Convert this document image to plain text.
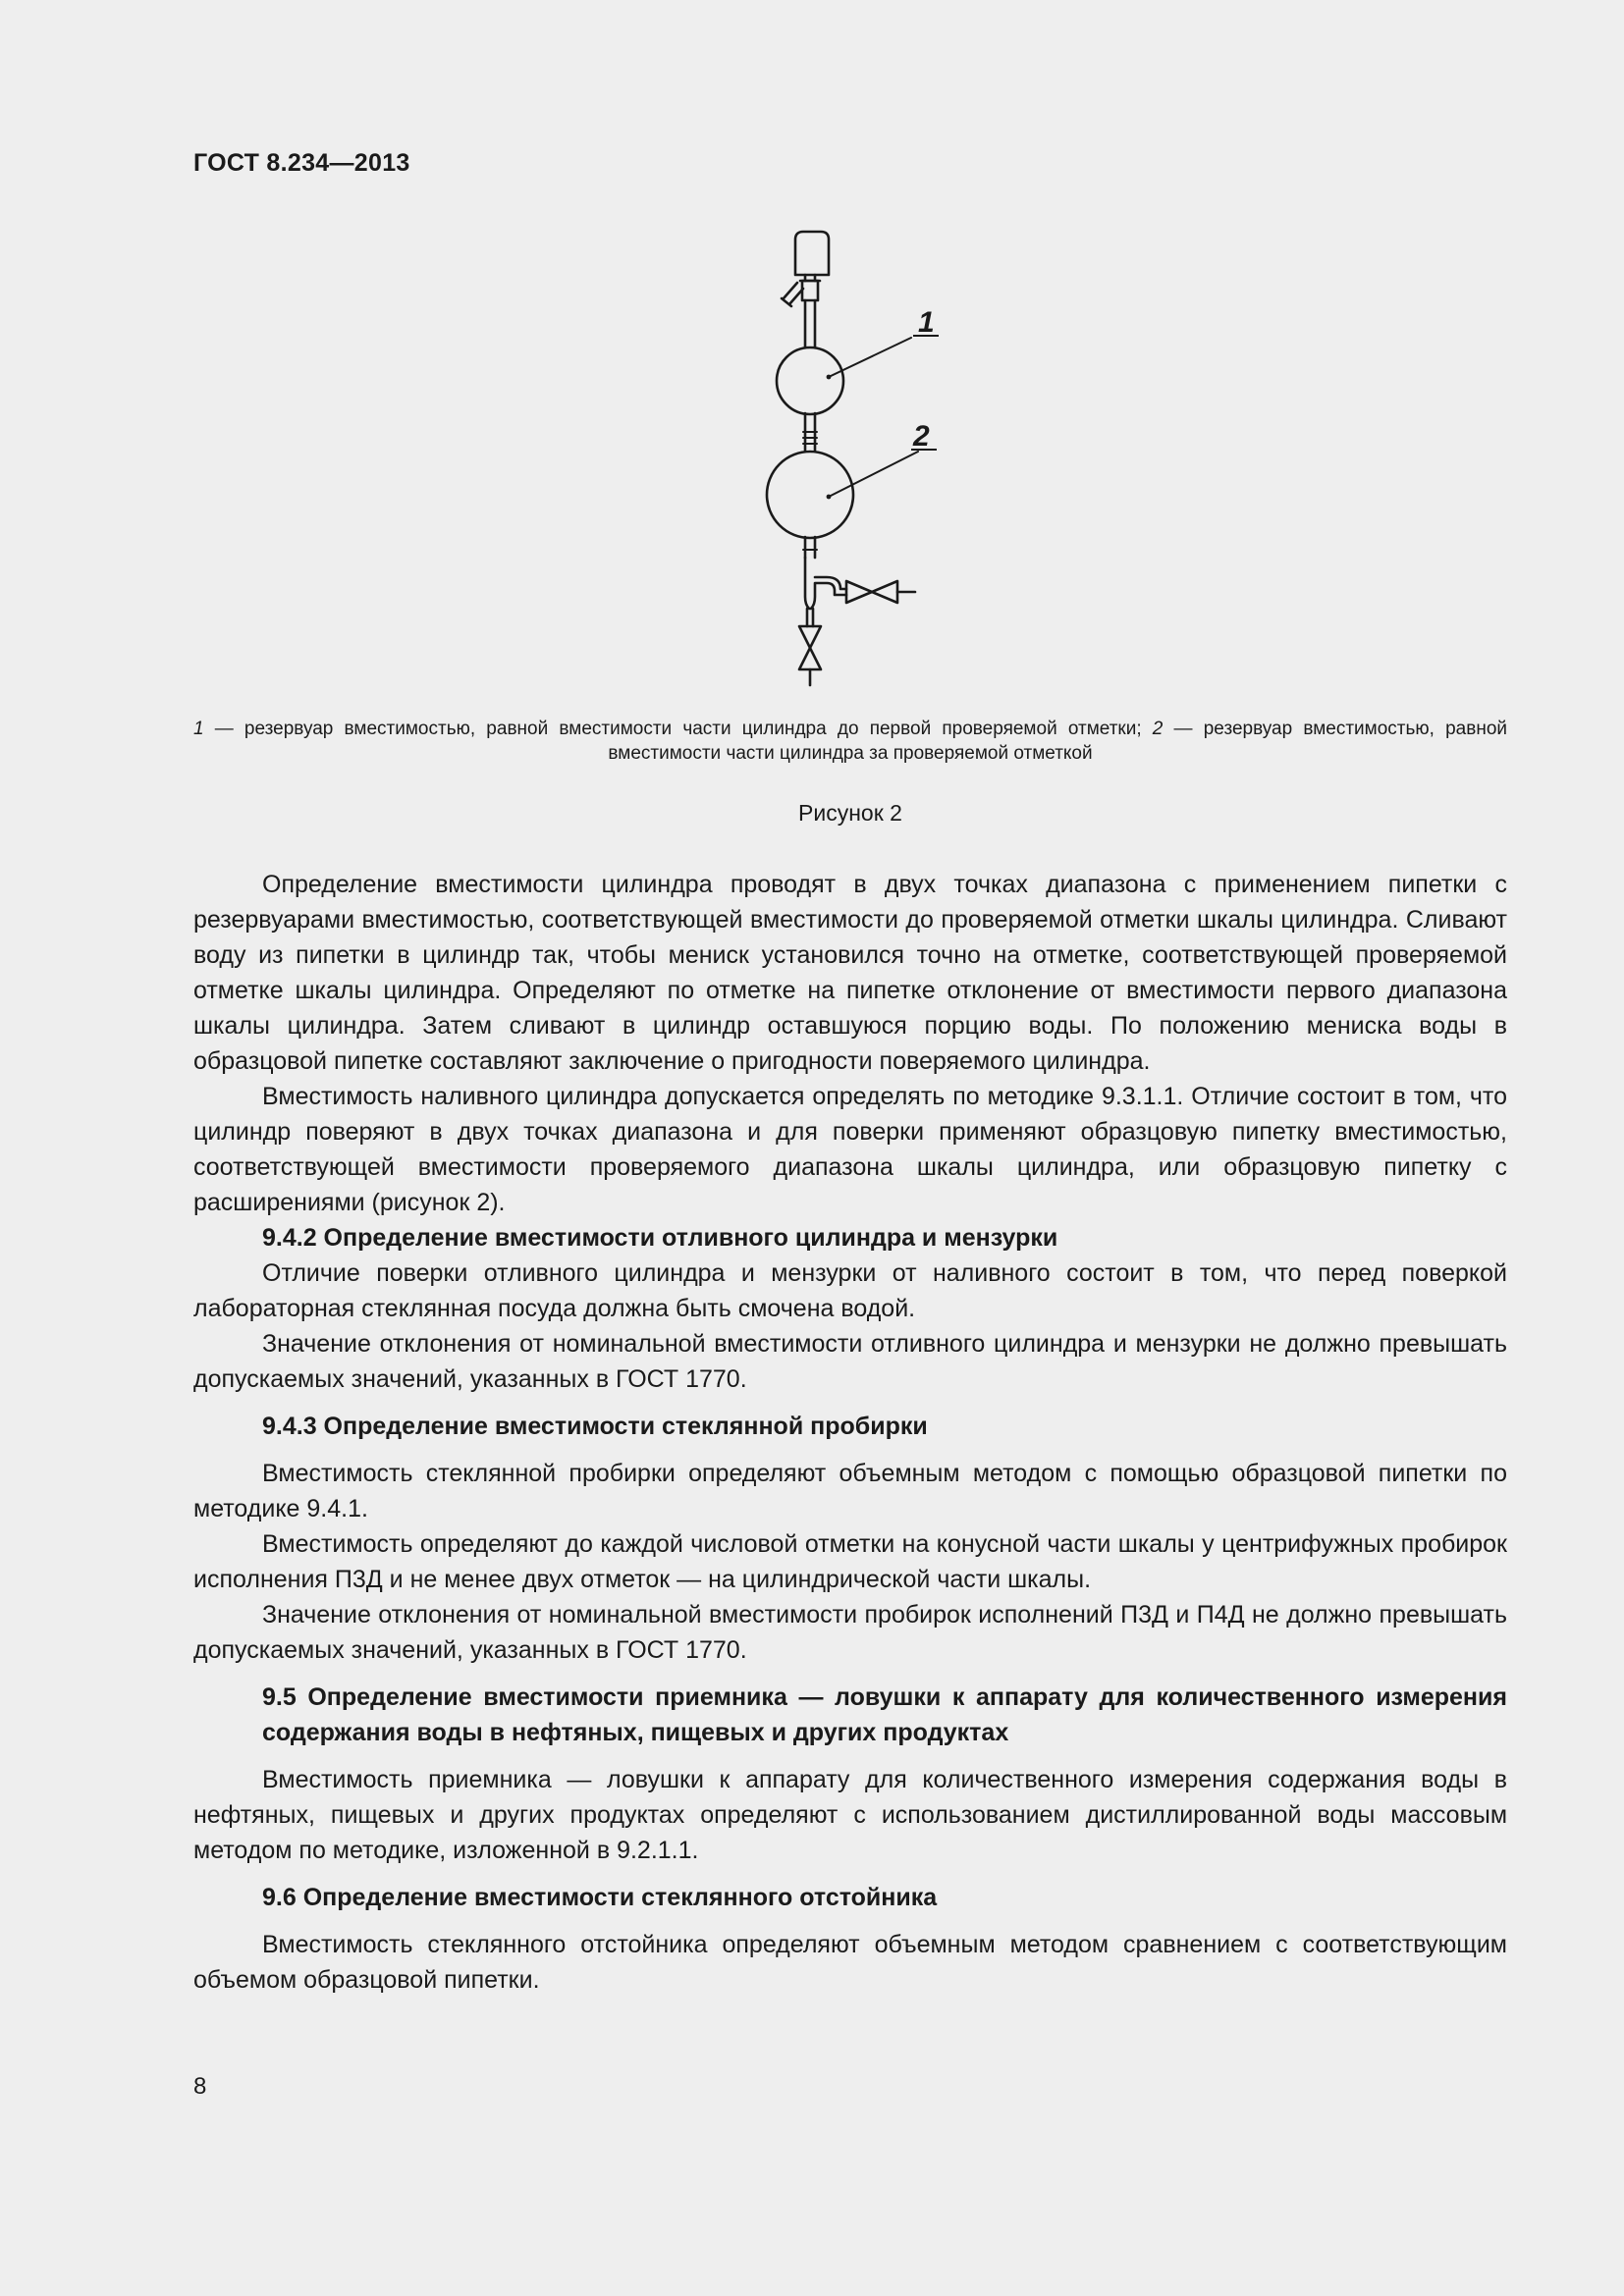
ГОСТ 8.234—2013
1
2
1 — резервуар вместимостью, равной вместимости части цилиндра до первой проверяемой отметки; 2 — резервуар вместимостью, равной вместимости части цилиндра за проверяемой отметкой
Рисунок 2

Определение вместимости цилиндра проводят в двух точках диапазона с применением пипетки с резервуарами вместимостью, соответствующей вместимости до проверяемой отметки шкалы цилиндра. Сливают воду из пипетки в цилиндр так, чтобы мениск установился точно на отметке, соответствующей проверяемой отметке шкалы цилиндра. Определяют по отметке на пипетке отклонение от вместимости первого диапазона шкалы цилиндра. Затем сливают в цилиндр оставшуюся порцию воды. По положению мениска воды в образцовой пипетке составляют заключение о пригодности поверяемого цилиндра.

Вместимость наливного цилиндра допускается определять по методике 9.3.1.1. Отличие состоит в том, что цилиндр поверяют в двух точках диапазона и для поверки применяют образцовую пипетку вместимостью, соответствующей вместимости проверяемого диапазона шкалы цилиндра, или образцовую пипетку с расширениями (рисунок 2).

9.4.2 Определение вместимости отливного цилиндра и мензурки

Отличие поверки отливного цилиндра и мензурки от наливного состоит в том, что перед поверкой лабораторная стеклянная посуда должна быть смочена водой.

Значение отклонения от номинальной вместимости отливного цилиндра и мензурки не должно превышать допускаемых значений, указанных в ГОСТ 1770.

9.4.3 Определение вместимости стеклянной пробирки

Вместимость стеклянной пробирки определяют объемным методом с помощью образцовой пипетки по методике 9.4.1.

Вместимость определяют до каждой числовой отметки на конусной части шкалы у центрифужных пробирок исполнения П3Д и не менее двух отметок — на цилиндрической части шкалы.

Значение отклонения от номинальной вместимости пробирок исполнений П3Д и П4Д не должно превышать допускаемых значений, указанных в ГОСТ 1770.

9.5 Определение вместимости приемника — ловушки к аппарату для количественного измерения содержания воды в нефтяных, пищевых и других продуктах

Вместимость приемника — ловушки к аппарату для количественного измерения содержания воды в нефтяных, пищевых и других продуктах определяют с использованием дистиллированной воды массовым методом по методике, изложенной в 9.2.1.1.

9.6 Определение вместимости стеклянного отстойника

Вместимость стеклянного отстойника определяют объемным методом сравнением с соответствующим объемом образцовой пипетки.

8
